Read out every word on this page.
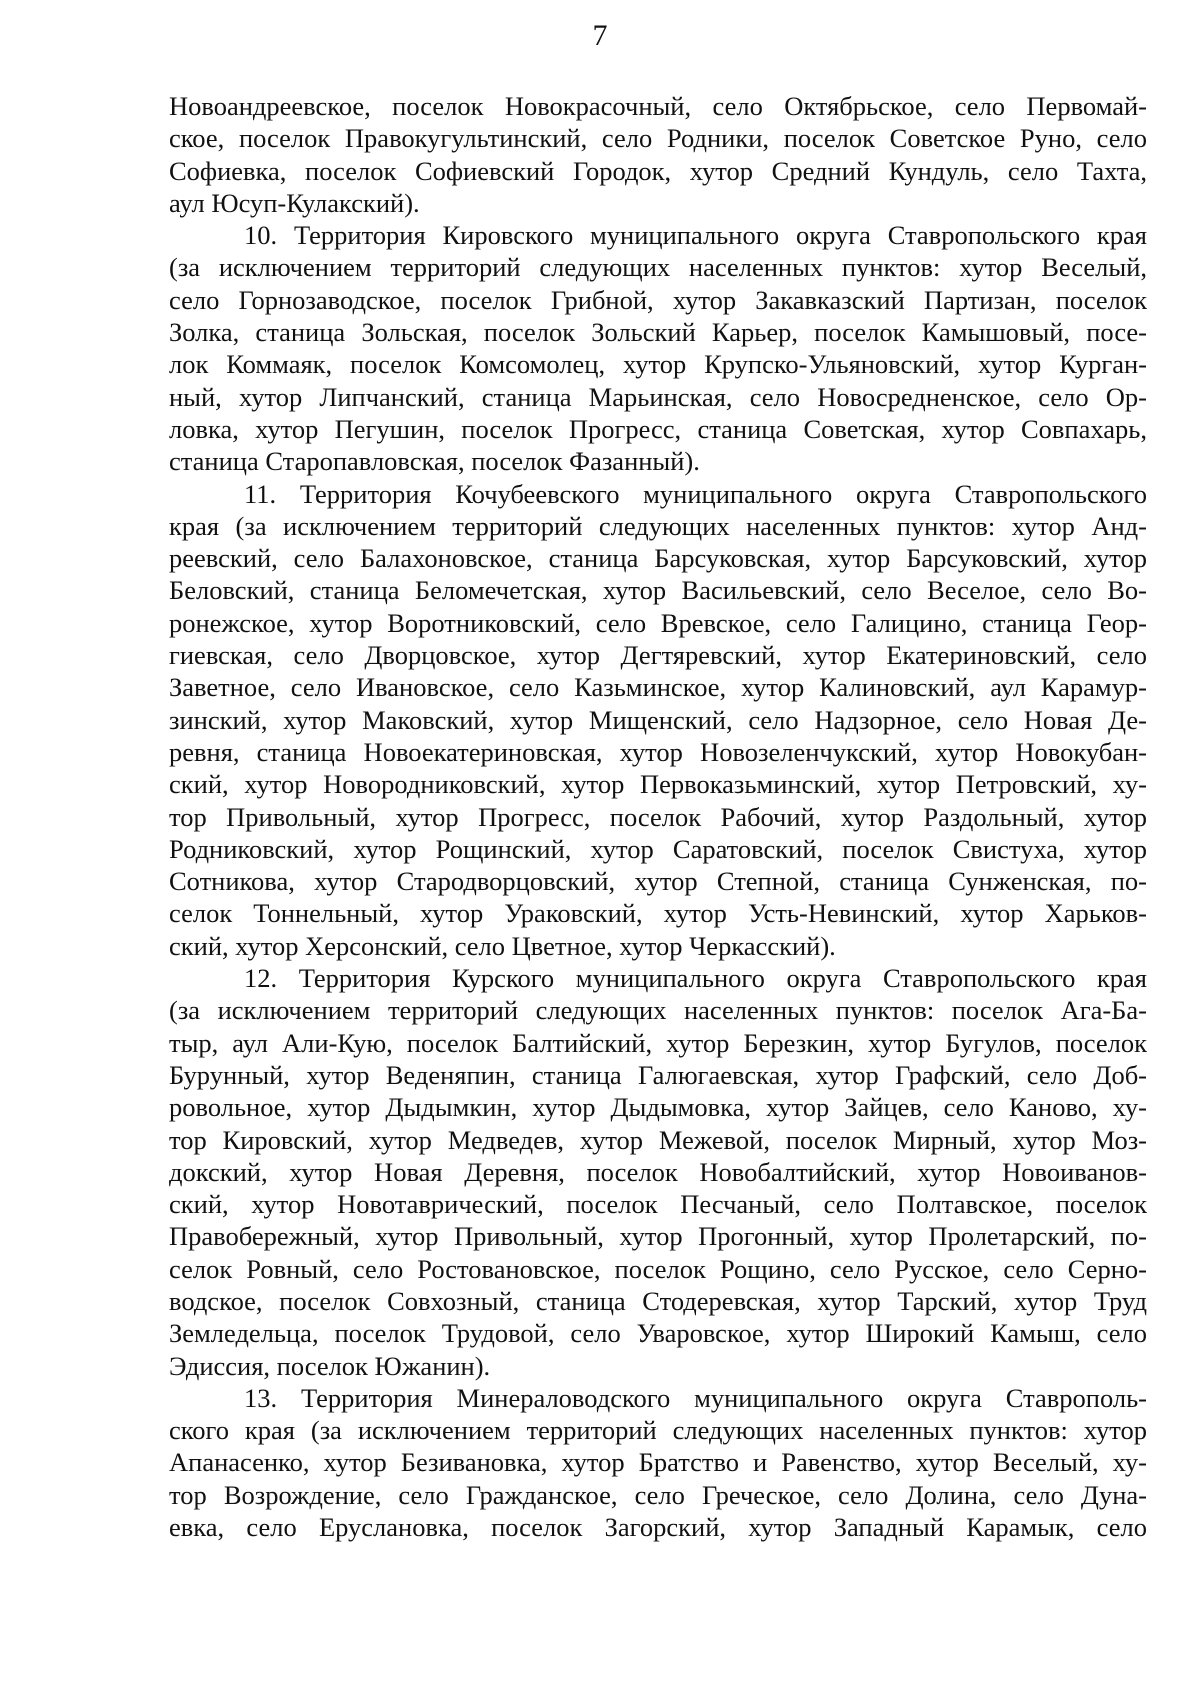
7
Новоандреевское, поселок Новокрасочный, село Октябрьское, село Первомай-
ское, поселок Правокугультинский, село Родники, поселок Советское Руно, село
Софиевка, поселок Софиевский Городок, хутор Средний Кундуль, село Тахта,
аул Юсуп-Кулакский).
10. Территория Кировского муниципального округа Ставропольского края
(за исключением территорий следующих населенных пунктов: хутор Веселый,
село Горнозаводское, поселок Грибной, хутор Закавказский Партизан, поселок
Золка, станица Зольская, поселок Зольский Карьер, поселок Камышовый, посе-
лок Коммаяк, поселок Комсомолец, хутор Крупско-Ульяновский, хутор Курган-
ный, хутор Липчанский, станица Марьинская, село Новосредненское, село Ор-
ловка, хутор Пегушин, поселок Прогресс, станица Советская, хутор Совпахарь,
станица Старопавловская, поселок Фазанный).
11. Территория Кочубеевского муниципального округа Ставропольского
края (за исключением территорий следующих населенных пунктов: хутор Анд-
реевский, село Балахоновское, станица Барсуковская, хутор Барсуковский, хутор
Беловский, станица Беломечетская, хутор Васильевский, село Веселое, село Во-
ронежское, хутор Воротниковский, село Вревское, село Галицино, станица Геор-
гиевская, село Дворцовское, хутор Дегтяревский, хутор Екатериновский, село
Заветное, село Ивановское, село Казьминское, хутор Калиновский, аул Карамур-
зинский, хутор Маковский, хутор Мищенский, село Надзорное, село Новая Де-
ревня, станица Новоекатериновская, хутор Новозеленчукский, хутор Новокубан-
ский, хутор Новородниковский, хутор Первоказьминский, хутор Петровский, ху-
тор Привольный, хутор Прогресс, поселок Рабочий, хутор Раздольный, хутор
Родниковский, хутор Рощинский, хутор Саратовский, поселок Свистуха, хутор
Сотникова, хутор Стародворцовский, хутор Степной, станица Сунженская, по-
селок Тоннельный, хутор Ураковский, хутор Усть-Невинский, хутор Харьков-
ский, хутор Херсонский, село Цветное, хутор Черкасский).
12. Территория Курского муниципального округа Ставропольского края
(за исключением территорий следующих населенных пунктов: поселок Ага-Ба-
тыр, аул Али-Кую, поселок Балтийский, хутор Березкин, хутор Бугулов, поселок
Бурунный, хутор Веденяпин, станица Галюгаевская, хутор Графский, село Доб-
ровольное, хутор Дыдымкин, хутор Дыдымовка, хутор Зайцев, село Каново, ху-
тор Кировский, хутор Медведев, хутор Межевой, поселок Мирный, хутор Моз-
докский, хутор Новая Деревня, поселок Новобалтийский, хутор Новоиванов-
ский, хутор Новотаврический, поселок Песчаный, село Полтавское, поселок
Правобережный, хутор Привольный, хутор Прогонный, хутор Пролетарский, по-
селок Ровный, село Ростовановское, поселок Рощино, село Русское, село Серно-
водское, поселок Совхозный, станица Стодеревская, хутор Тарский, хутор Труд
Земледельца, поселок Трудовой, село Уваровское, хутор Широкий Камыш, село
Эдиссия, поселок Южанин).
13. Территория Минераловодского муниципального округа Ставрополь-
ского края (за исключением территорий следующих населенных пунктов: хутор
Апанасенко, хутор Безивановка, хутор Братство и Равенство, хутор Веселый, ху-
тор Возрождение, село Гражданское, село Греческое, село Долина, село Дуна-
евка, село Еруслановка, поселок Загорский, хутор Западный Карамык, село
